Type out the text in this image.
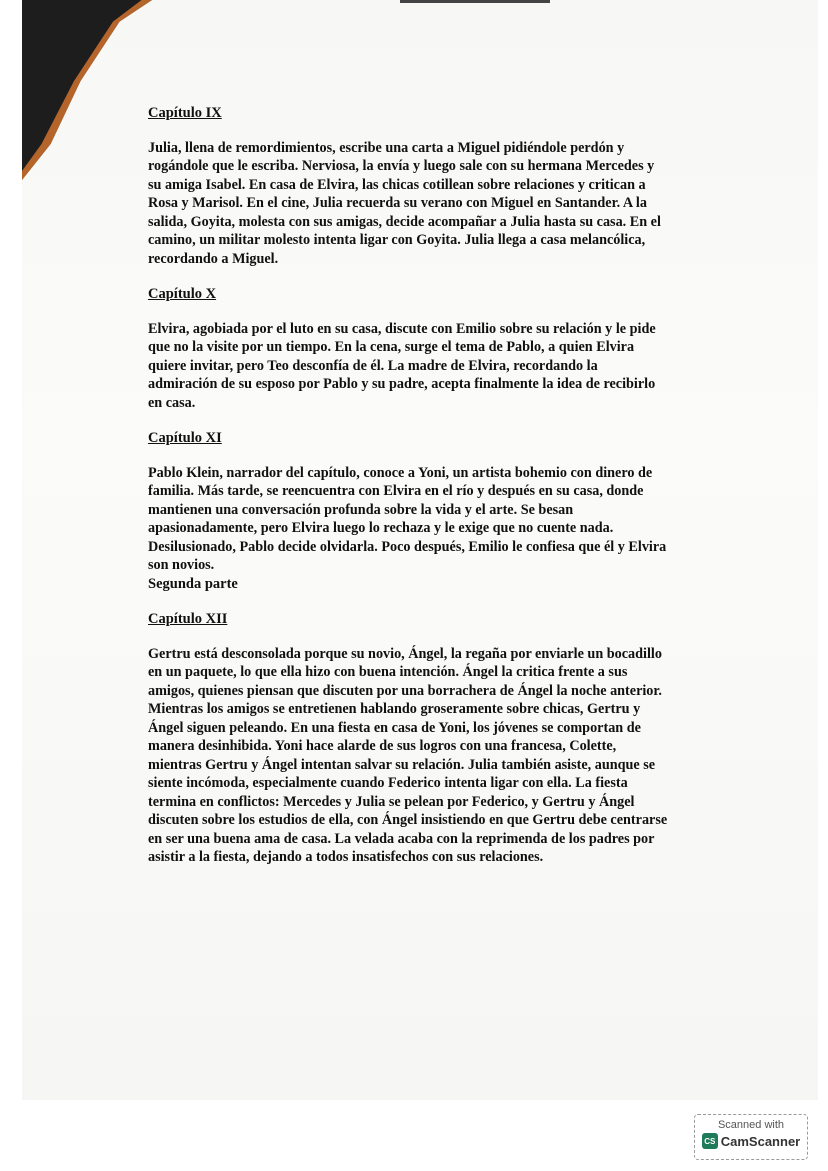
Capítulo IX

Julia, llena de remordimientos, escribe una carta a Miguel pidiéndole perdón y rogándole que le escriba. Nerviosa, la envía y luego sale con su hermana Mercedes y su amiga Isabel. En casa de Elvira, las chicas cotillean sobre relaciones y critican a Rosa y Marisol. En el cine, Julia recuerda su verano con Miguel en Santander. A la salida, Goyita, molesta con sus amigas, decide acompañar a Julia hasta su casa. En el camino, un militar molesto intenta ligar con Goyita. Julia llega a casa melancólica, recordando a Miguel.

Capítulo X

Elvira, agobiada por el luto en su casa, discute con Emilio sobre su relación y le pide que no la visite por un tiempo. En la cena, surge el tema de Pablo, a quien Elvira quiere invitar, pero Teo desconfía de él. La madre de Elvira, recordando la admiración de su esposo por Pablo y su padre, acepta finalmente la idea de recibirlo en casa.

Capítulo XI

Pablo Klein, narrador del capítulo, conoce a Yoni, un artista bohemio con dinero de familia. Más tarde, se reencuentra con Elvira en el río y después en su casa, donde mantienen una conversación profunda sobre la vida y el arte. Se besan apasionadamente, pero Elvira luego lo rechaza y le exige que no cuente nada. Desilusionado, Pablo decide olvidarla. Poco después, Emilio le confiesa que él y Elvira son novios.

Segunda parte

Capítulo XII

Gertru está desconsolada porque su novio, Ángel, la regaña por enviarle un bocadillo en un paquete, lo que ella hizo con buena intención. Ángel la critica frente a sus amigos, quienes piensan que discuten por una borrachera de Ángel la noche anterior. Mientras los amigos se entretienen hablando groseramente sobre chicas, Gertru y Ángel siguen peleando. En una fiesta en casa de Yoni, los jóvenes se comportan de manera desinhibida. Yoni hace alarde de sus logros con una francesa, Colette, mientras Gertru y Ángel intentan salvar su relación. Julia también asiste, aunque se siente incómoda, especialmente cuando Federico intenta ligar con ella. La fiesta termina en conflictos: Mercedes y Julia se pelean por Federico, y Gertru y Ángel discuten sobre los estudios de ella, con Ángel insistiendo en que Gertru debe centrarse en ser una buena ama de casa. La velada acaba con la reprimenda de los padres por asistir a la fiesta, dejando a todos insatisfechos con sus relaciones.

Scanned with
CS CamScanner
